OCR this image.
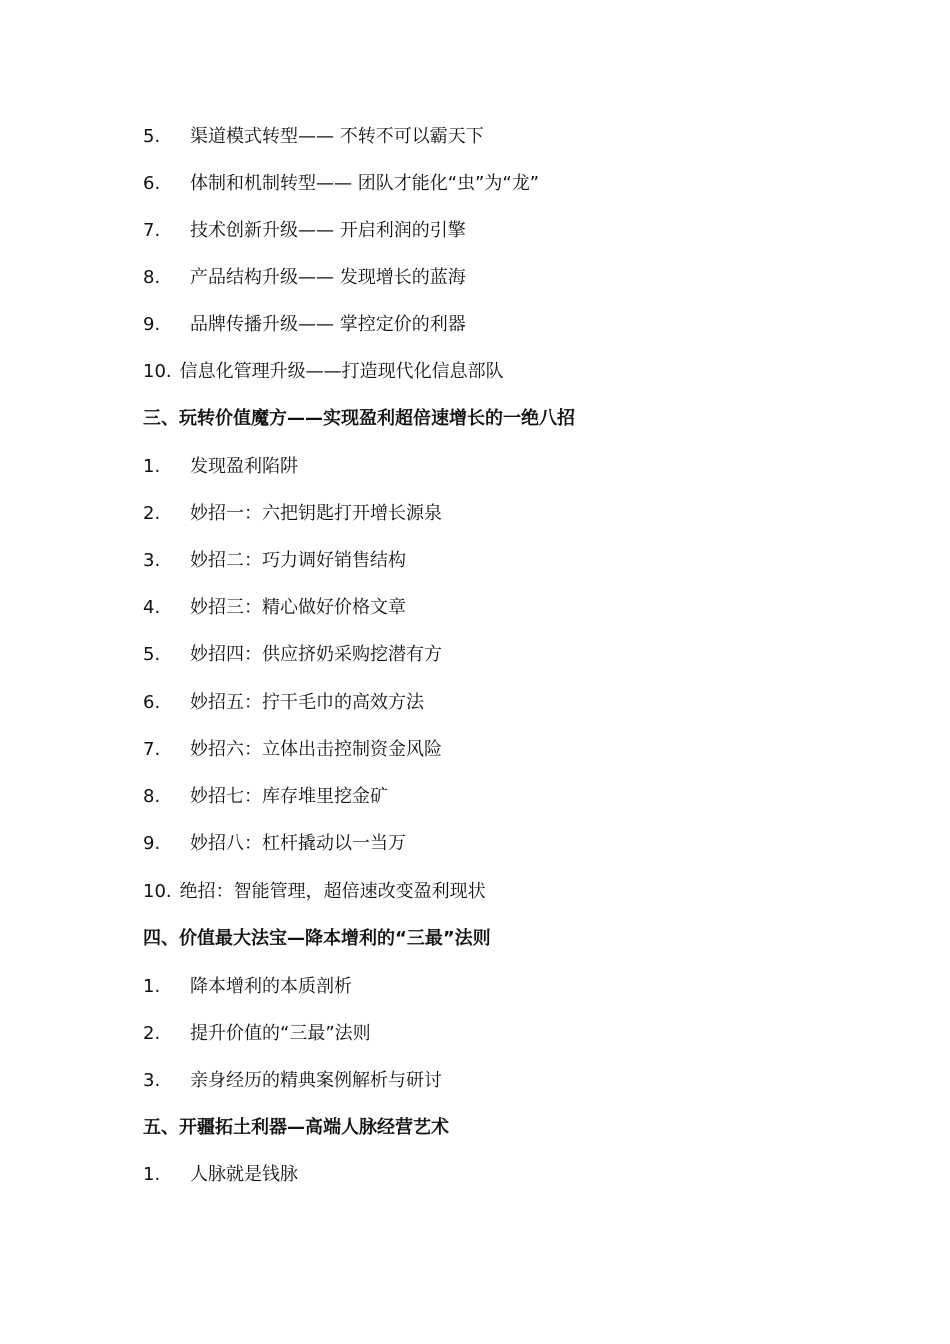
5. 渠道模式转型—— 不转不可以霸天下
6. 体制和机制转型—— 团队才能化“虫”为“龙”
7. 技术创新升级—— 开启利润的引擎
8. 产品结构升级—— 发现增长的蓝海
9. 品牌传播升级—— 掌控定价的利器
10. 信息化管理升级——打造现代化信息部队
三、玩转价值魔方——实现盈利超倍速增长的一绝八招
1. 发现盈利陷阱
2. 妙招一：六把钥匙打开增长源泉
3. 妙招二：巧力调好销售结构
4. 妙招三：精心做好价格文章
5. 妙招四：供应挤奶采购挖潜有方
6. 妙招五：拧干毛巾的高效方法
7. 妙招六：立体出击控制资金风险
8. 妙招七：库存堆里挖金矿
9. 妙招八：杠杆撬动以一当万
10. 绝招：智能管理，超倍速改变盈利现状
四、价值最大法宝—降本增利的“三最”法则
1. 降本增利的本质剖析
2. 提升价值的“三最”法则
3. 亲身经历的精典案例解析与研讨
五、开疆拓土利器—高端人脉经营艺术
1. 人脉就是钱脉
